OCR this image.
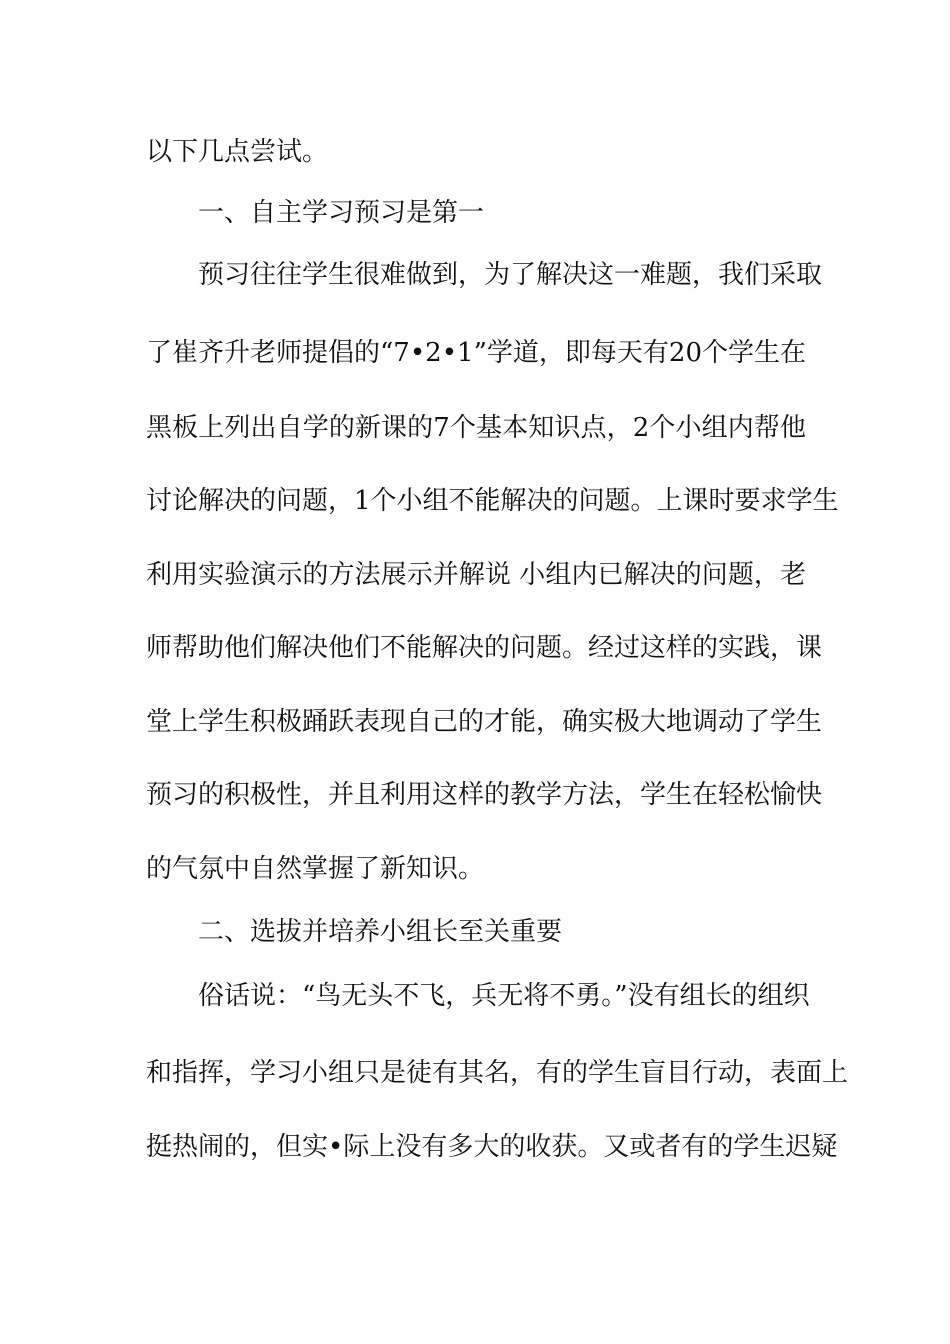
以下几点尝试。
一、自主学习预习是第一
预习往往学生很难做到，为了解决这一难题，我们采取
了崔齐升老师提倡的“7•2•1”学道，即每天有20个学生在
黑板上列出自学的新课的7个基本知识点，2个小组内帮他
讨论解决的问题，1个小组不能解决的问题。上课时要求学生
利用实验演示的方法展示并解说 小组内已解决的问题，老
师帮助他们解决他们不能解决的问题。经过这样的实践，课
堂上学生积极踊跃表现自己的才能，确实极大地调动了学生
预习的积极性，并且利用这样的教学方法，学生在轻松愉快
的气氛中自然掌握了新知识。
二、选拔并培养小组长至关重要
俗话说：“鸟无头不飞，兵无将不勇。”没有组长的组织
和指挥，学习小组只是徒有其名，有的学生盲目行动，表面上
挺热闹的，但实•际上没有多大的收获。又或者有的学生迟疑
